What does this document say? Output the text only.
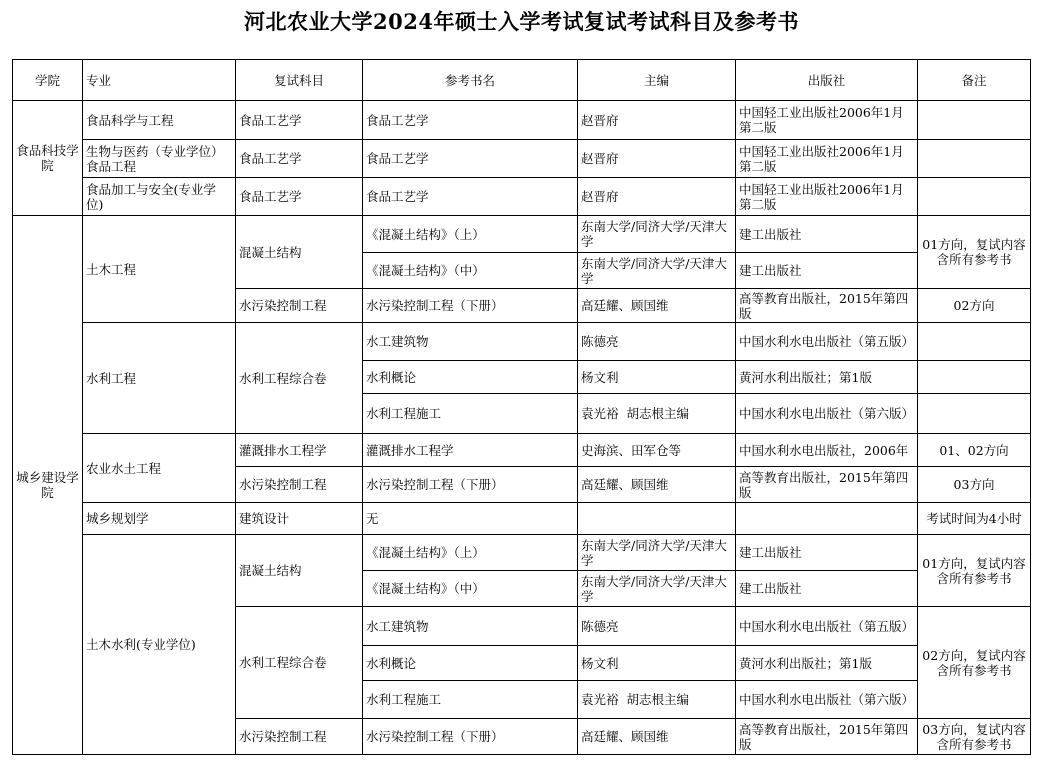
河北农业大学2024年硕士入学考试复试考试科目及参考书
学院	专业	复试科目	参考书名	主编	出版社	备注
食品科技学院	食品科学与工程	食品工艺学	食品工艺学	赵晋府	中国轻工业出版社2006年1月第二版	
	生物与医药（专业学位）食品工程	食品工艺学	食品工艺学	赵晋府	中国轻工业出版社2006年1月第二版	
	食品加工与安全(专业学位)	食品工艺学	食品工艺学	赵晋府	中国轻工业出版社2006年1月第二版	
城乡建设学院	土木工程	混凝土结构	《混凝土结构》（上）	东南大学/同济大学/天津大学	建工出版社	01方向，复试内容含所有参考书
			《混凝土结构》（中）	东南大学/同济大学/天津大学	建工出版社	
		水污染控制工程	水污染控制工程（下册）	高廷耀、顾国维	高等教育出版社，2015年第四版	02方向
	水利工程	水利工程综合卷	水工建筑物	陈德亮	中国水利水电出版社（第五版）	
			水利概论	杨文利	黄河水利出版社；第1版	
			水利工程施工	袁光裕  胡志根主编	中国水利水电出版社（第六版）	
	农业水土工程	灌溉排水工程学	灌溉排水工程学	史海滨、田军仓等	中国水利水电出版社，2006年	01、02方向
		水污染控制工程	水污染控制工程（下册）	高廷耀、顾国维	高等教育出版社，2015年第四版	03方向
	城乡规划学	建筑设计	无			考试时间为4小时
	土木水利(专业学位)	混凝土结构	《混凝土结构》（上）	东南大学/同济大学/天津大学	建工出版社	01方向，复试内容含所有参考书
			《混凝土结构》（中）	东南大学/同济大学/天津大学	建工出版社	
		水利工程综合卷	水工建筑物	陈德亮	中国水利水电出版社（第五版）	02方向，复试内容含所有参考书
			水利概论	杨文利	黄河水利出版社；第1版	
			水利工程施工	袁光裕  胡志根主编	中国水利水电出版社（第六版）	
		水污染控制工程	水污染控制工程（下册）	高廷耀、顾国维	高等教育出版社，2015年第四版	03方向，复试内容含所有参考书
